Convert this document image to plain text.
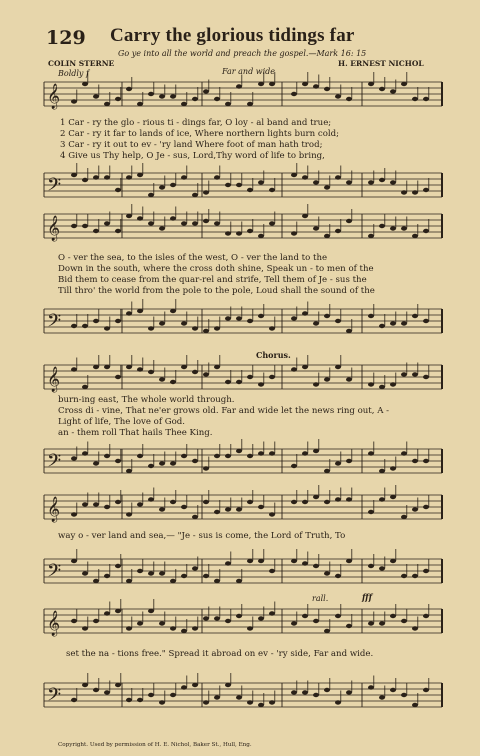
129 Carry the glorious tidings far
Go ye into all the world and preach the gospel.—Mark 16: 15
COLIN STERNE	H. ERNEST NICHOL
Boldly f	Far and wide
𝄞
1 Car - ry the glo - rious ti - dings far, O loy - al band and true;
2 Car - ry it far to lands of ice, Where northern lights burn cold;
3 Car - ry it out to ev - 'ry land Where foot of man hath trod;
4 Give us Thy help, O Je - sus, Lord,Thy word of life to bring,
𝄢
𝄞
O - ver the sea, to the isles of the west, O - ver the land to the
Down in the south, where the cross doth shine, Speak un - to men of the
Bid them to cease from the quar-rel and strife, Tell them of Je - sus the
Till thro' the world from the pole to the pole, Loud shall the sound of the
𝄢
Chorus.
𝄞
burn-ing east, The whole world through.
Cross di - vine, That ne'er grows old. Far and wide let the news ring out, A -
Light of life, The love of God.
an - them roll That hails Thee King.
𝄢
𝄞
way o - ver land and sea,— "Je - sus is come, the Lord of Truth, To
𝄢
rall.	fff
𝄞
set the na - tions free." Spread it abroad on ev - 'ry side, Far and wide.
𝄢
Copyright. Used by permission of H. E. Nichol, Baker St., Hull, Eng.
